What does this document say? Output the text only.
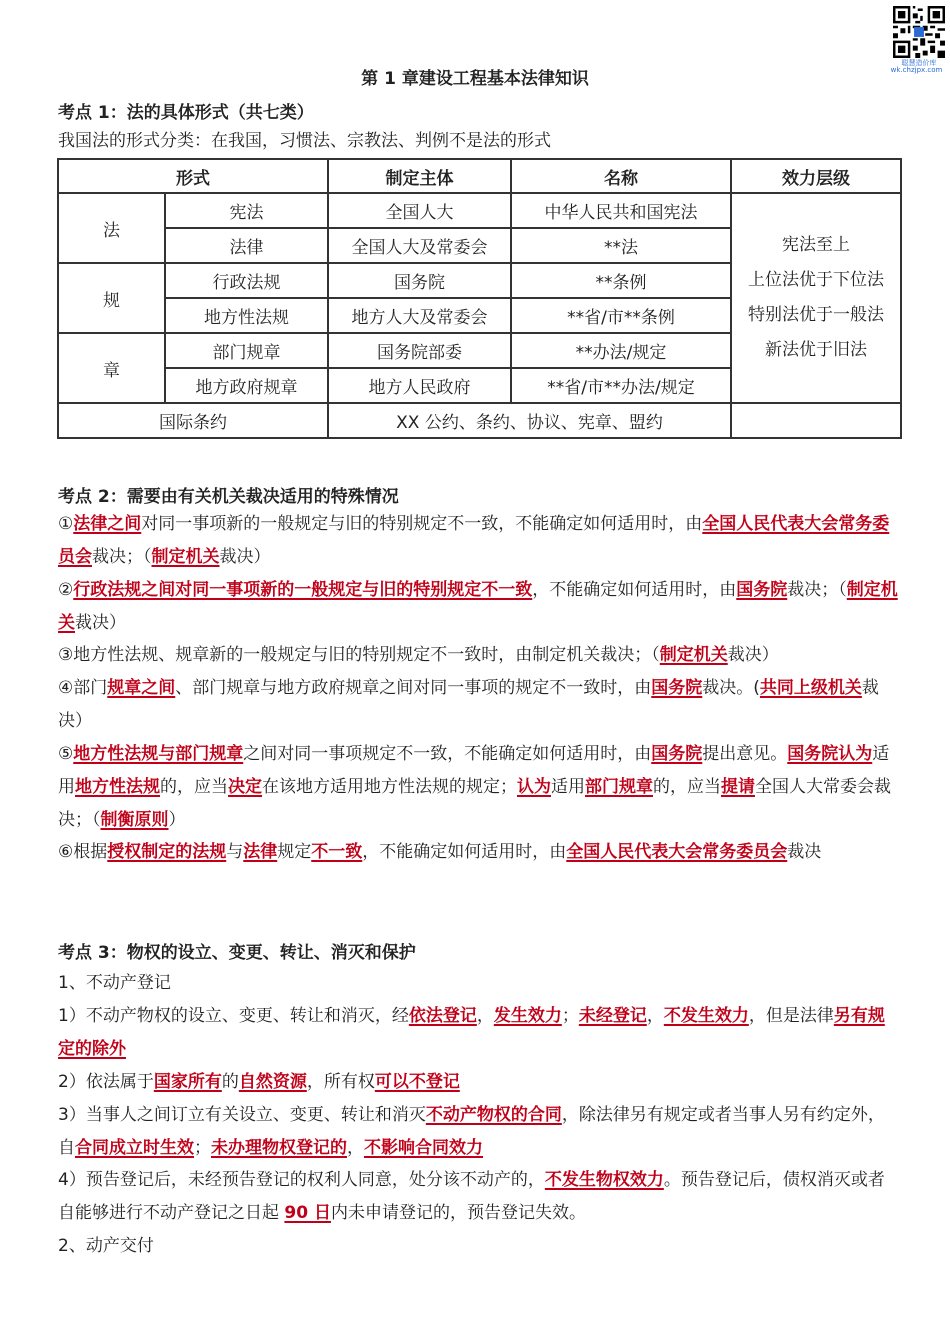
聪慧造价库
wk.chzjpx.com
第 1 章建设工程基本法律知识
考点 1：法的具体形式（共七类）
我国法的形式分类：在我国，习惯法、宗教法、判例不是法的形式
形式		制定主体	名称	效力层级
法	宪法	全国人大	中华人民共和国宪法	宪法至上
上位法优于下位法
特别法优于一般法
新法优于旧法

	法律	全国人大及常委会	**法	
规	行政法规	国务院	**条例	
	地方性法规	地方人大及常委会	**省/市**条例	
章	部门规章	国务院部委	**办法/规定	
	地方政府规章	地方人民政府	**省/市**办法/规定	
国际条约		XX 公约、条约、协议、宪章、盟约		
考点 2：需要由有关机关裁决适用的特殊情况
①法律之间对同一事项新的一般规定与旧的特别规定不一致，不能确定如何适用时，由全国人民代表大会常务委员会裁决；（制定机关裁决）
②行政法规之间对同一事项新的一般规定与旧的特别规定不一致，不能确定如何适用时，由国务院裁决；（制定机关裁决）
③地方性法规、规章新的一般规定与旧的特别规定不一致时，由制定机关裁决；（制定机关裁决）
④部门规章之间、部门规章与地方政府规章之间对同一事项的规定不一致时，由国务院裁决。(共同上级机关裁决）
⑤地方性法规与部门规章之间对同一事项规定不一致，不能确定如何适用时，由国务院提出意见。国务院认为适用地方性法规的，应当决定在该地方适用地方性法规的规定；认为适用部门规章的，应当提请全国人大常委会裁决；（制衡原则）
⑥根据授权制定的法规与法律规定不一致，不能确定如何适用时，由全国人民代表大会常务委员会裁决
考点 3：物权的设立、变更、转让、消灭和保护
1、不动产登记
1）不动产物权的设立、变更、转让和消灭，经依法登记，发生效力；未经登记，不发生效力，但是法律另有规定的除外
2）依法属于国家所有的自然资源，所有权可以不登记
3）当事人之间订立有关设立、变更、转让和消灭不动产物权的合同，除法律另有规定或者当事人另有约定外，自合同成立时生效；未办理物权登记的，不影响合同效力
4）预告登记后，未经预告登记的权利人同意，处分该不动产的，不发生物权效力。预告登记后，债权消灭或者自能够进行不动产登记之日起 90 日内未申请登记的，预告登记失效。
2、动产交付
